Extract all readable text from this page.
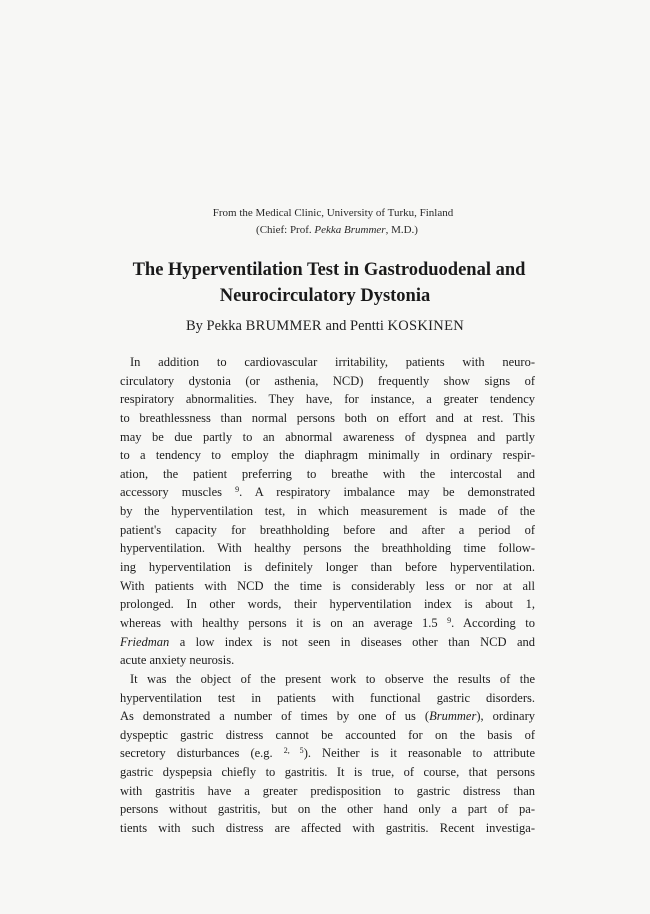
From the Medical Clinic, University of Turku, Finland
(Chief: Prof. Pekka Brummer, M.D.)
The Hyperventilation Test in Gastroduodenal and
Neurocirculatory Dystonia
By Pekka BRUMMER and Pentti KOSKINEN
In addition to cardiovascular irritability, patients with neuro-
circulatory dystonia (or asthenia, NCD) frequently show signs of
respiratory abnormalities. They have, for instance, a greater tendency
to breathlessness than normal persons both on effort and at rest. This
may be due partly to an abnormal awareness of dyspnea and partly
to a tendency to employ the diaphragm minimally in ordinary respir-
ation, the patient preferring to breathe with the intercostal and
accessory muscles $^9$. A respiratory imbalance may be demonstrated
by the hyperventilation test, in which measurement is made of the
patient's capacity for breathholding before and after a period of
hyperventilation. With healthy persons the breathholding time follow-
ing hyperventilation is definitely longer than before hyperventilation.
With patients with NCD the time is considerably less or nor at all
prolonged. In other words, their hyperventilation index is about 1,
whereas with healthy persons it is on an average 1.5 $^9$. According to
Friedman a low index is not seen in diseases other than NCD and
acute anxiety neurosis.
It was the object of the present work to observe the results of the
hyperventilation test in patients with functional gastric disorders.
As demonstrated a number of times by one of us (Brummer), ordinary
dyspeptic gastric distress cannot be accounted for on the basis of
secretory disturbances (e.g. $^{2, 5}$). Neither is it reasonable to attribute
gastric dyspepsia chiefly to gastritis. It is true, of course, that persons
with gastritis have a greater predisposition to gastric distress than
persons without gastritis, but on the other hand only a part of pa-
tients with such distress are affected with gastritis. Recent investiga-
